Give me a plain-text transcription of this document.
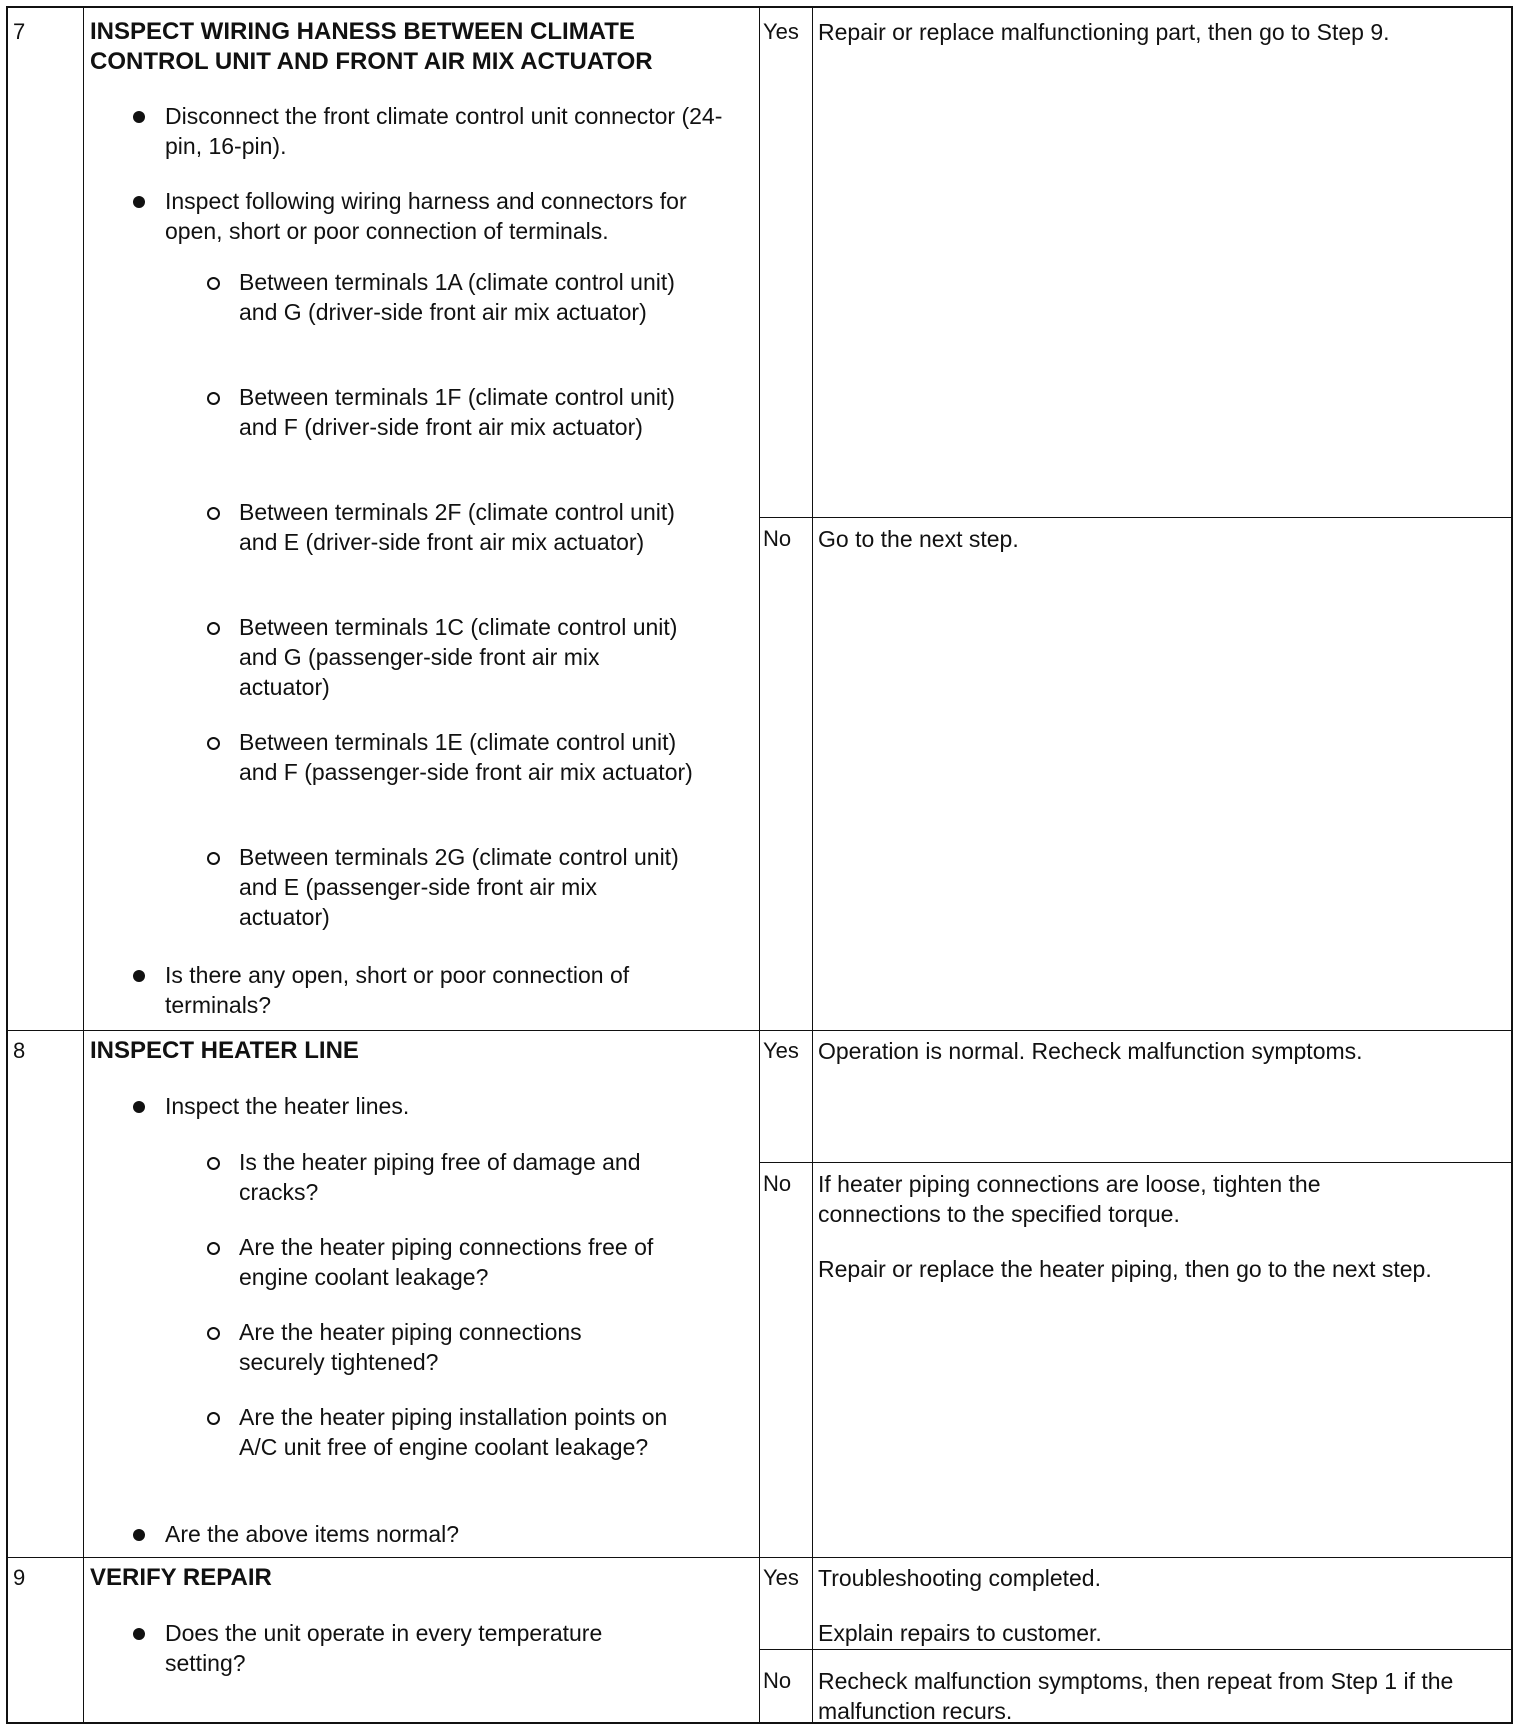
7	INSPECT WIRING HANESS BETWEEN CLIMATE CONTROL UNIT AND FRONT AIR MIX ACTUATOR
Disconnect the front climate control unit connector (24-pin, 16-pin).
Inspect following wiring harness and connectors for open, short or poor connection of terminals.
Between terminals 1A (climate control unit) and G (driver-side front air mix actuator)
Between terminals 1F (climate control unit) and F (driver-side front air mix actuator)
Between terminals 2F (climate control unit) and E (driver-side front air mix actuator)
Between terminals 1C (climate control unit) and G (passenger-side front air mix actuator)
Between terminals 1E (climate control unit) and F (passenger-side front air mix actuator)
Between terminals 2G (climate control unit) and E (passenger-side front air mix actuator)
Is there any open, short or poor connection of terminals?
Yes Repair or replace malfunctioning part, then go to Step 9.
No Go to the next step.
8	INSPECT HEATER LINE
Inspect the heater lines.
Is the heater piping free of damage and cracks?
Are the heater piping connections free of engine coolant leakage?
Are the heater piping connections securely tightened?
Are the heater piping installation points on A/C unit free of engine coolant leakage?
Are the above items normal?
Yes Operation is normal. Recheck malfunction symptoms.
No If heater piping connections are loose, tighten the connections to the specified torque.
Repair or replace the heater piping, then go to the next step.
9	VERIFY REPAIR
Does the unit operate in every temperature setting?
Yes Troubleshooting completed.
Explain repairs to customer.
No Recheck malfunction symptoms, then repeat from Step 1 if the malfunction recurs.
